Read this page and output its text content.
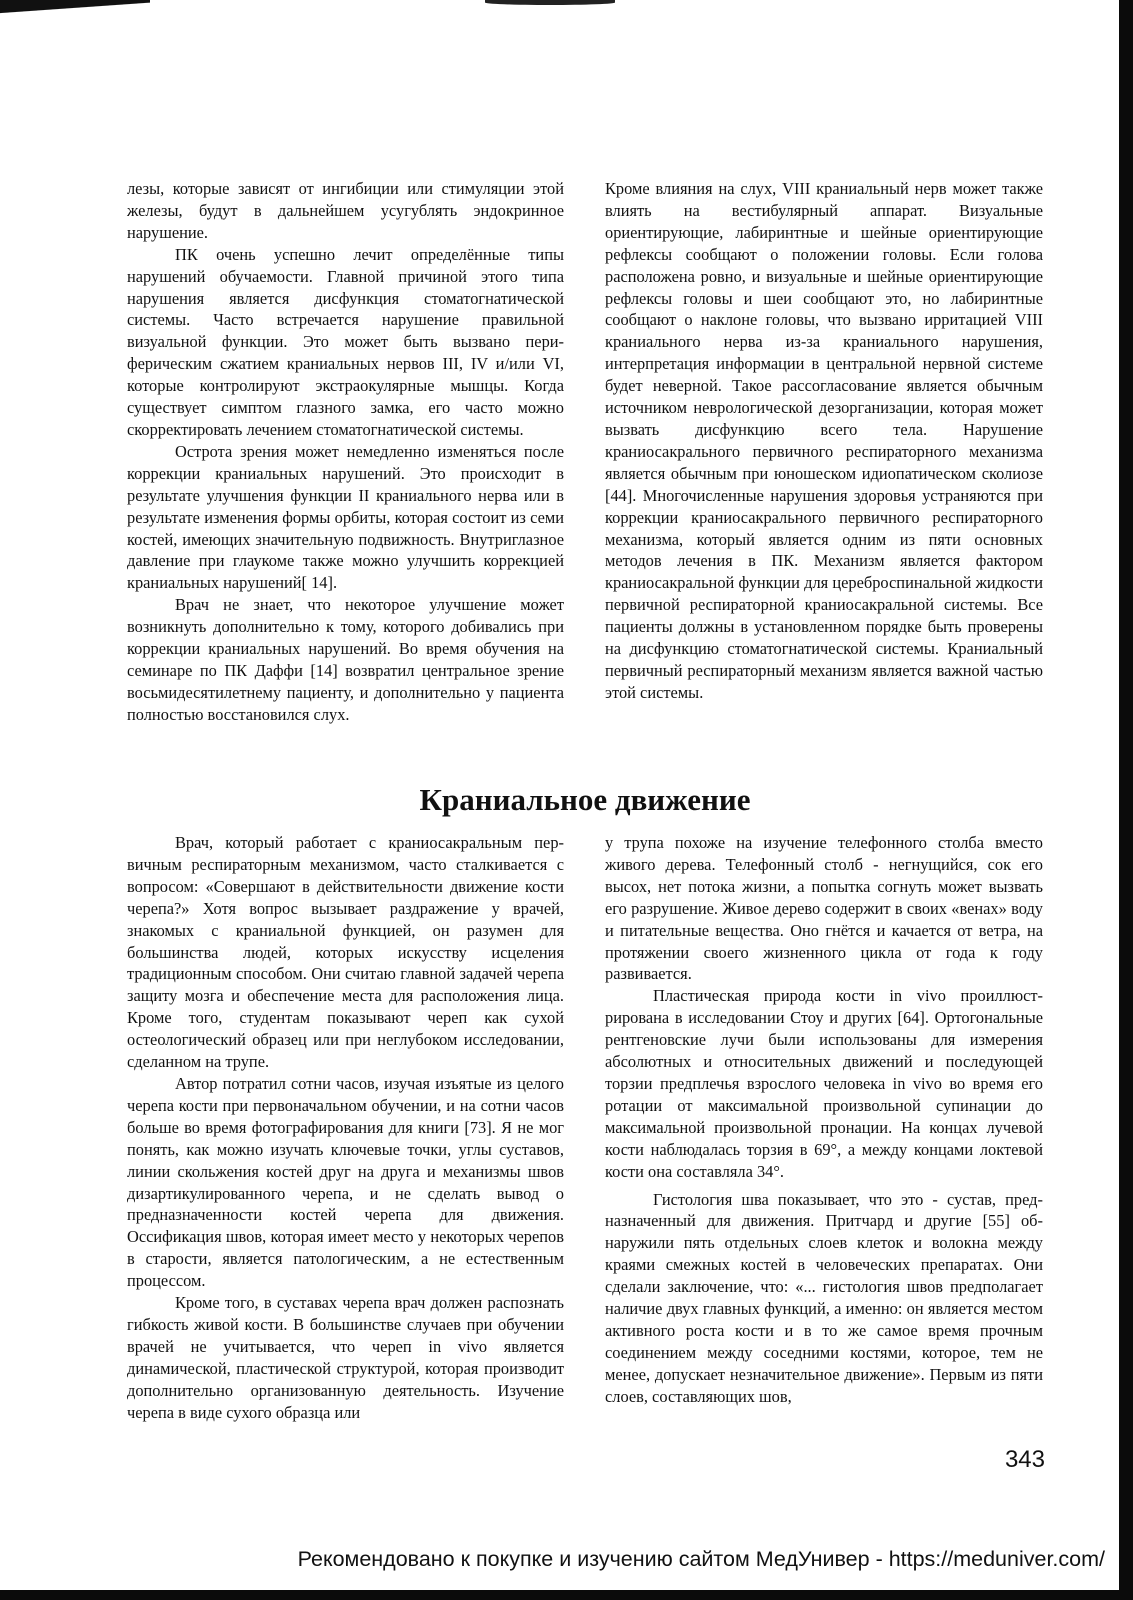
лезы, которые зависят от ингибиции или стимуляции этой железы, будут в дальнейшем усугублять эндокринное нарушение.

ПК очень успешно лечит определённые типы нарушений обучаемости. Главной причиной этого типа нарушения является дисфункция стоматогнатической системы. Часто встречается нарушение правильной визуальной функции. Это может быть вызвано периферическим сжатием краниальных нервов III, IV и/или VI, которые контролируют экстраокулярные мышцы. Когда существует симптом глазного замка, его часто можно скорректировать лечением стоматогнатической системы.

Острота зрения может немедленно изменяться после коррекции краниальных нарушений. Это происходит в результате улучшения функции II краниального нерва или в результате изменения формы орбиты, которая состоит из семи костей, имеющих значительную подвижность. Внутриглазное давление при глаукоме также можно улучшить коррекцией краниальных нарушений[ 14].

Врач не знает, что некоторое улучшение может возникнуть дополнительно к тому, которого добивались при коррекции краниальных нарушений. Во время обучения на семинаре по ПК Даффи [14] возвратил центральное зрение восьмидесятилетнему пациенту, и дополнительно у пациента полностью восстановился слух.

Кроме влияния на слух, VIII краниальный нерв может также влиять на вестибулярный аппарат. Визуальные ориентирующие, лабиринтные и шейные ориентирующие рефлексы сообщают о положении головы. Если голова расположена ровно, и визуальные и шейные ориентирующие рефлексы головы и шеи сообщают это, но лабиринтные сообщают о наклоне головы, что вызвано ирритацией VIII краниального нерва из-за краниального нарушения, интерпретация информации в центральной нервной системе будет неверной. Такое рассогласование является обычным источником неврологической дезорганизации, которая может вызвать дисфункцию всего тела. Нарушение краниосакрального первичного респираторного механизма является обычным при юношеском идиопатическом сколиозе [44]. Многочисленные нарушения здоровья устраняются при коррекции краниосакрального первичного респираторного механизма, который является одним из пяти основных методов лечения в ПК. Механизм является фактором краниосакральной функции для цереброспинальной жидкости первичной респираторной краниосакральной системы. Все пациенты должны в установленном порядке быть проверены на дисфункцию стоматогнатической системы. Краниальный первичный респираторный механизм является важной частью этой системы.

Краниальное движение

Врач, который работает с краниосакральным первичным респираторным механизмом, часто сталкивается с вопросом: «Совершают в действительности движение кости черепа?» Хотя вопрос вызывает раздражение у врачей, знакомых с краниальной функцией, он разумен для большинства людей, которых искусству исцеления традиционным способом. Они считаю главной задачей черепа защиту мозга и обеспечение места для расположения лица. Кроме того, студентам показывают череп как сухой остеологический образец или при неглубоком исследовании, сделанном на трупе.

Автор потратил сотни часов, изучая изъятые из целого черепа кости при первоначальном обучении, и на сотни часов больше во время фотографирования для книги [73]. Я не мог понять, как можно изучать ключевые точки, углы суставов, линии скольжения костей друг на друга и механизмы швов дизартикулированного черепа, и не сделать вывод о предназначенности костей черепа для движения. Оссификация швов, которая имеет место у некоторых черепов в старости, является патологическим, а не естественным процессом.

Кроме того, в суставах черепа врач должен распознать гибкость живой кости. В большинстве случаев при обучении врачей не учитывается, что череп in vivo является динамической, пластической структурой, которая производит дополнительно организованную деятельность. Изучение черепа в виде сухого образца или

у трупа похоже на изучение телефонного столба вместо живого дерева. Телефонный столб - негнущийся, сок его высох, нет потока жизни, а попытка согнуть может вызвать его разрушение. Живое дерево содержит в своих «венах» воду и питательные вещества. Оно гнётся и качается от ветра, на протяжении своего жизненного цикла от года к году развивается.

Пластическая природа кости in vivo проиллюстрирована в исследовании Стоу и других [64]. Ортогональные рентгеновские лучи были использованы для измерения абсолютных и относительных движений и последующей торзии предплечья взрослого человека in vivo во время его ротации от максимальной произвольной супинации до максимальной произвольной пронации. На концах лучевой кости наблюдалась торзия в 69°, а между концами локтевой кости она составляла 34°.

Гистология шва показывает, что это - сустав, предназначенный для движения. Притчард и другие [55] обнаружили пять отдельных слоев клеток и волокна между краями смежных костей в человеческих препаратах. Они сделали заключение, что: «... гистология швов предполагает наличие двух главных функций, а именно: он является местом активного роста кости и в то же самое время прочным соединением между соседними костями, которое, тем не менее, допускает незначительное движение». Первым из пяти слоев, составляющих шов,

343
Рекомендовано к покупке и изучению сайтом МедУнивер - https://meduniver.com/
